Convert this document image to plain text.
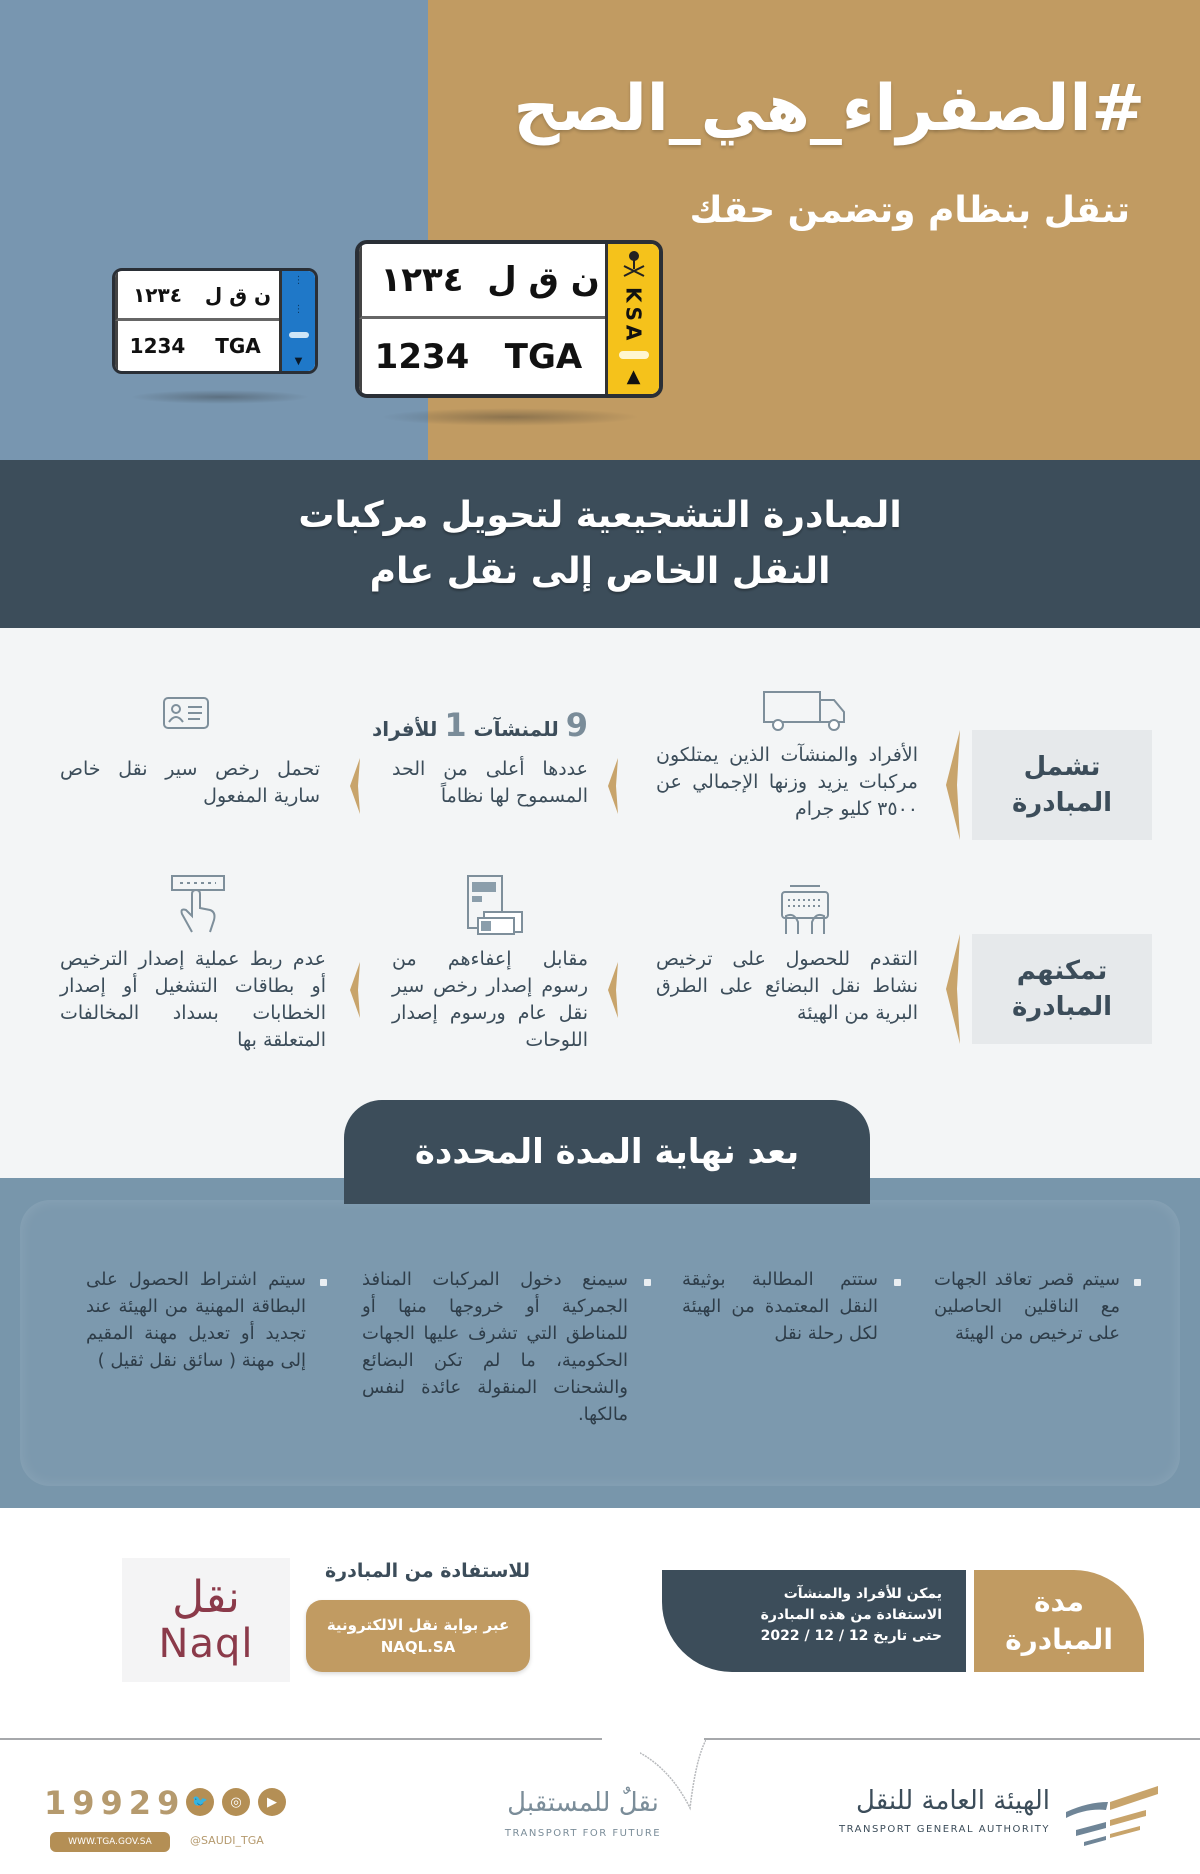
#الصفراء_هي_الصح
تنقل بنظام وتضمن حقك
١٢٣٤	ن ق ل
1234	TGA
⋮
⋮
▼
١٢٣٤ ن ق ل
1234	TGA
KSA
▲
المبادرة التشجيعية لتحويل مركبات
النقل الخاص إلى نقل عام
تشمل
المبادرة
الأفراد والمنشآت الذين يمتلكون مركبات يزيد وزنها الإجمالي عن ٣٥٠٠ كليو جرام
9 للمنشآت 1 للأفراد
عددها أعلى من الحد المسموح لها نظاماً
تحمل رخص سير نقل خاص سارية المفعول
تمكنهم
المبادرة
التقدم للحصول على ترخيص نشاط نقل البضائع على الطرق البرية من الهيئة
مقابل إعفاءهم من رسوم إصدار رخص سير نقل عام ورسوم إصدار اللوحات
عدم ربط عملية إصدار الترخيص أو بطاقات التشغيل أو إصدار الخطابات بسداد المخالفات المتعلقة بها
بعد نهاية المدة المحددة
سيتم قصر تعاقد الجهات مع الناقلين الحاصلين على ترخيص من الهيئة
ستتم المطالبة بوثيقة النقل المعتمدة من الهيئة لكل رحلة نقل
سيمنع دخول المركبات المنافذ الجمركية أو خروجها منها أو للمناطق التي تشرف عليها الجهات الحكومية، ما لم تكن البضائع والشحنات المنقولة عائدة لنفس مالكها.
سيتم اشتراط الحصول على البطاقة المهنية من الهيئة عند تجديد أو تعديل مهنة المقيم إلى مهنة ( سائق نقل ثقيل )
مدة
المبادرة
يمكن للأفراد والمنشآت
الاستفادة من هذه المبادرة
حتى تاريخ 12 / 12 / 2022
للاستفادة من المبادرة
عبر بوابة نقل الالكترونية
NAQL.SA
نقل
Naql
الهيئة العامة للنقل
TRANSPORT GENERAL AUTHORITY
نقلٌ للمستقبل
TRANSPORT FOR FUTURE
19929 🐦	◎	▶
WWW.TGA.GOV.SA	@SAUDI_TGA
